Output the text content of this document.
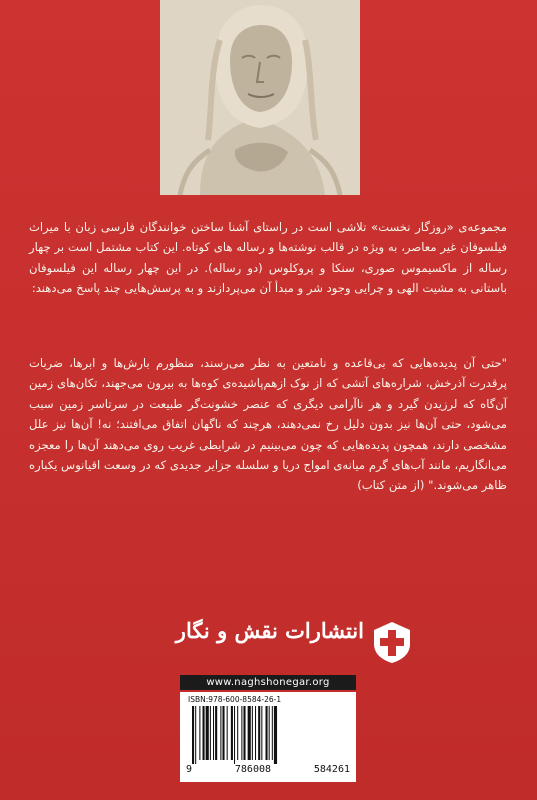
مجموعه‌ی «روزگار نخست» تلاشی است در راستای آشنا ساختن خوانندگان فارسی زبان با میراث فیلسوفان غیر معاصر، به ویژه در قالب نوشته‌ها و رساله های کوتاه. این کتاب مشتمل است بر چهار رساله از ماکسیموس صوری، سنکا و پروکلوس (دو رساله). در این چهار رساله این فیلسوفان باستانی به مشیت الهی و چرایی وجود شر و مبدأ آن می‌پردازند و به پرسش‌هایی چند پاسخ می‌دهند:

"حتی آن پدیده‌هایی که بی‌قاعده و نامتعین به نظر می‌رسند، منظورم بارش‌ها و ابرها، ضربات پرقدرت آذرخش، شراره‌های آتشی که از نوک ازهم‌پاشیده‌ی کوه‌ها به بیرون می‌جهند، تکان‌های زمین آن‌گاه که لرزیدن گیرد و هر ناآرامی دیگری که عنصر خشونت‌گر طبیعت در سرتاسر زمین سبب می‌شود، حتی آن‌ها نیز بدون دلیل رخ نمی‌دهند، هرچند که ناگهان اتفاق می‌افتند؛ نه! آن‌ها نیز علل مشخصی دارند، همچون پدیده‌هایی که چون می‌بینیم در شرایطی غریب روی می‌دهند آن‌ها را معجزه می‌انگاریم، مانند آب‌های گرم میانه‌ی امواج دریا و سلسله جزایر جدیدی که در وسعت اقیانوس یکباره ظاهر می‌شوند." (از متن کتاب)

انتشارات نقش و نگار
www.naghshonegar.org
ISBN:978-600-8584-26-1
9	786008	584261
